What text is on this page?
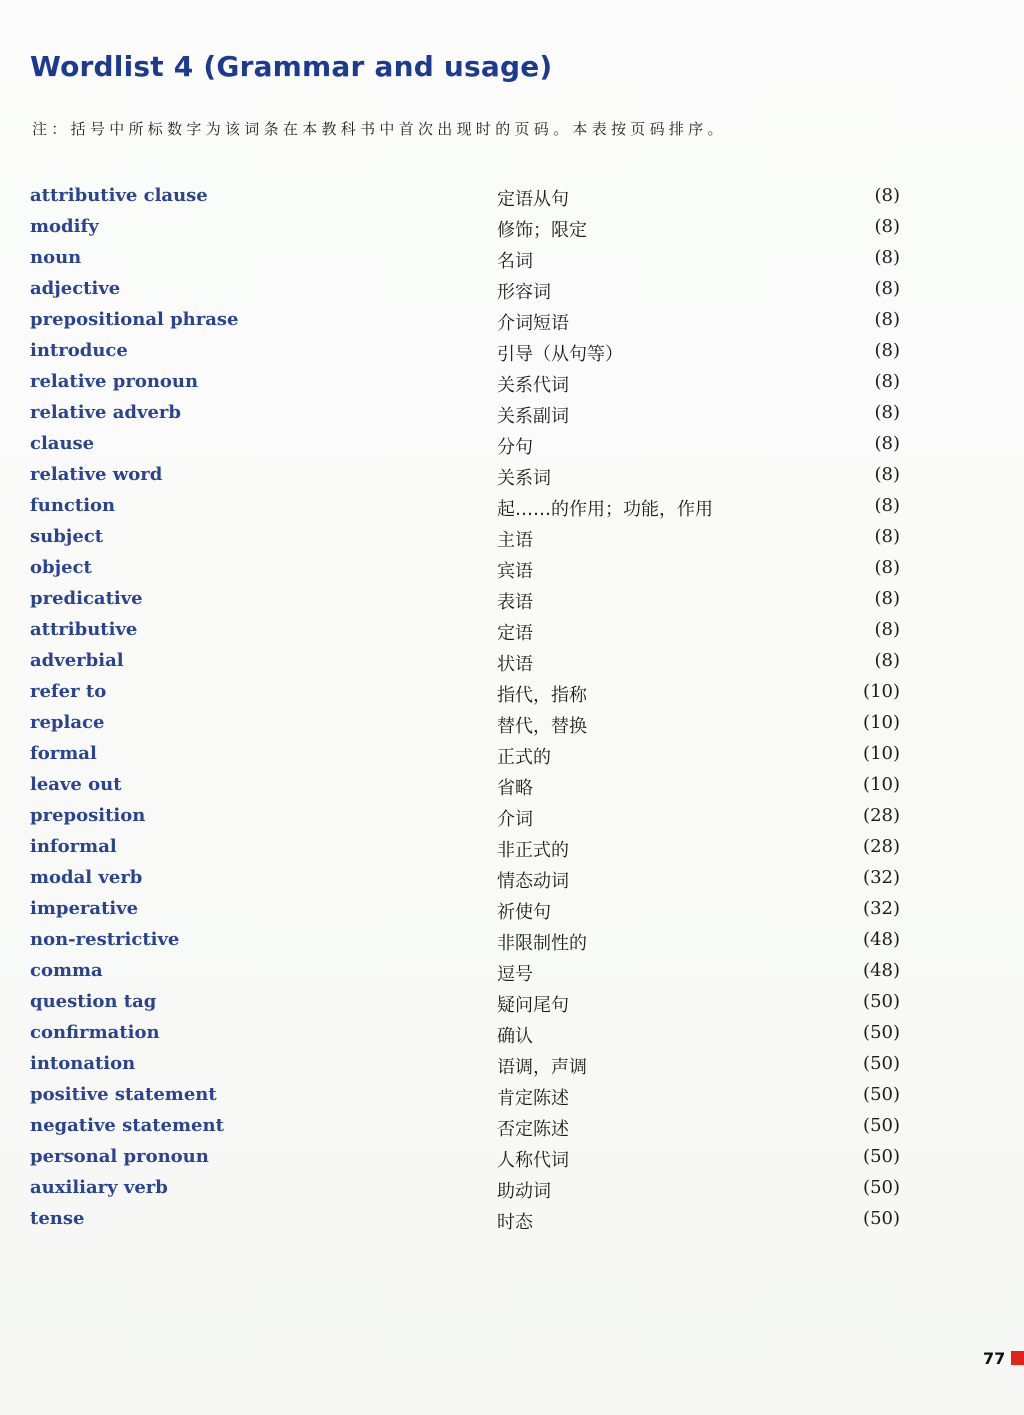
Wordlist 4 (Grammar and usage)
注：括号中所标数字为该词条在本教科书中首次出现时的页码。本表按页码排序。
attributive clause	定语从句	(8)
modify	修饰；限定	(8)
noun	名词	(8)
adjective	形容词	(8)
prepositional phrase	介词短语	(8)
introduce	引导（从句等）	(8)
relative pronoun	关系代词	(8)
relative adverb	关系副词	(8)
clause	分句	(8)
relative word	关系词	(8)
function	起……的作用；功能，作用	(8)
subject	主语	(8)
object	宾语	(8)
predicative	表语	(8)
attributive	定语	(8)
adverbial	状语	(8)
refer to	指代，指称	(10)
replace	替代，替换	(10)
formal	正式的	(10)
leave out	省略	(10)
preposition	介词	(28)
informal	非正式的	(28)
modal verb	情态动词	(32)
imperative	祈使句	(32)
non-restrictive	非限制性的	(48)
comma	逗号	(48)
question tag	疑问尾句	(50)
confirmation	确认	(50)
intonation	语调，声调	(50)
positive statement	肯定陈述	(50)
negative statement	否定陈述	(50)
personal pronoun	人称代词	(50)
auxiliary verb	助动词	(50)
tense	时态	(50)
77
